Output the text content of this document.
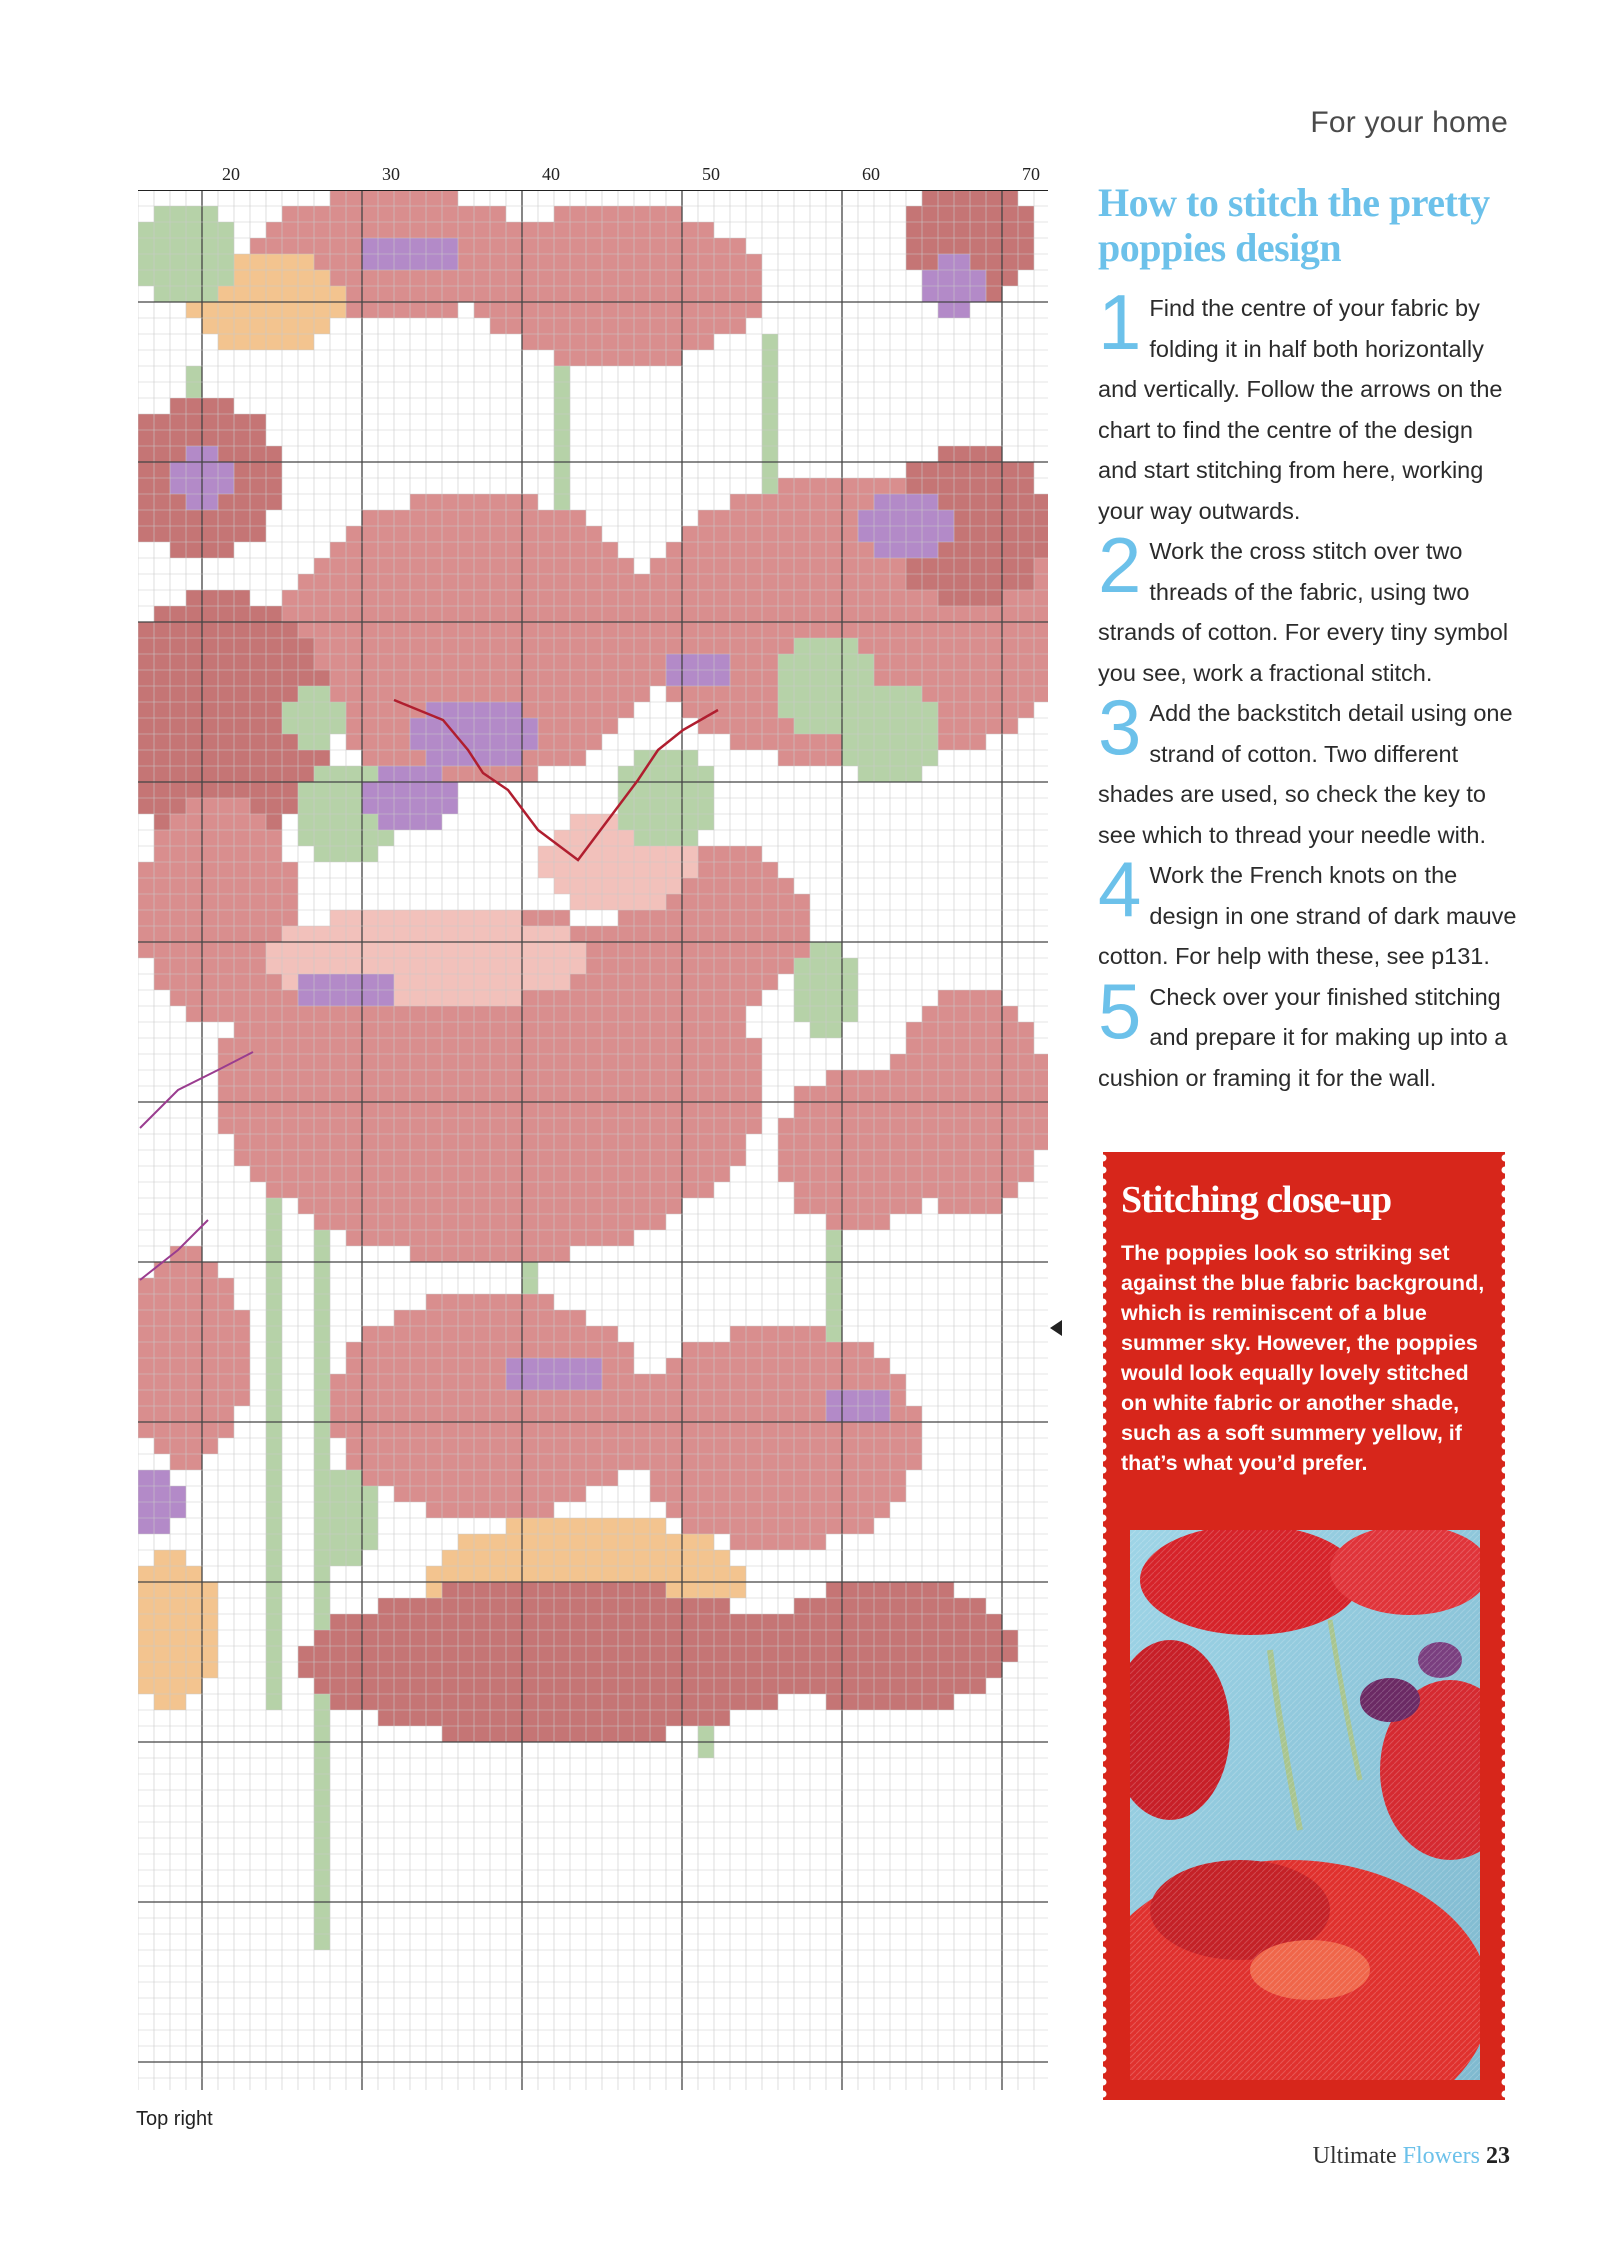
For your home
20	30	40	50	60	70
Top right
How to stitch the pretty poppies design

1 Find the centre of your fabric by folding it in half both horizontally and vertically. Follow the arrows on the chart to find the centre of the design and start stitching from here, working your way outwards.

2 Work the cross stitch over two threads of the fabric, using two strands of cotton. For every tiny symbol you see, work a fractional stitch.

3 Add the backstitch detail using one strand of cotton. Two different shades are used, so check the key to see which to thread your needle with.

4 Work the French knots on the design in one strand of dark mauve cotton. For help with these, see p131.

5 Check over your finished stitching and prepare it for making up into a cushion or framing it for the wall.

Stitching close-up

The poppies look so striking set against the blue fabric background, which is reminiscent of a blue summer sky. However, the poppies would look equally lovely stitched on white fabric or another shade, such as a soft summery yellow, if that’s what you’d prefer.

Ultimate Flowers 23
